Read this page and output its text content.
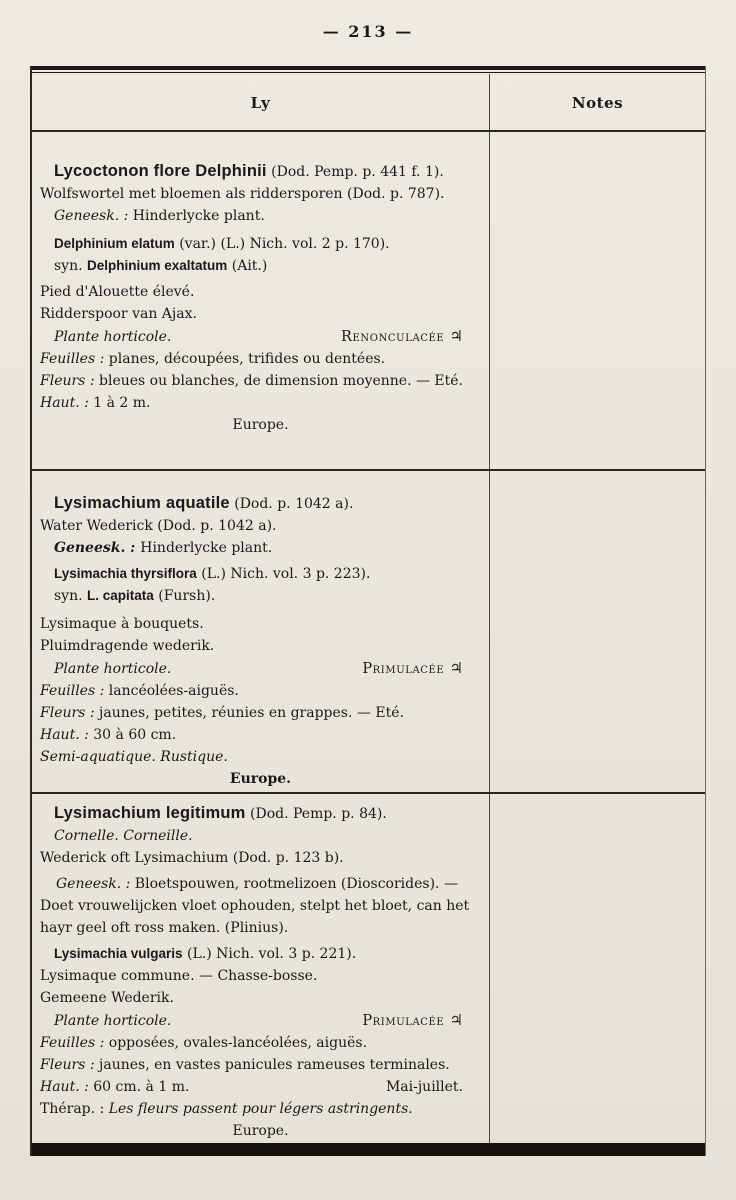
— 213 —
Ly	Notes
Lycoctonon flore Delphinii (Dod. Pemp. p. 441 f. 1).
Wolfswortel met bloemen als riddersporen (Dod. p. 787).
Geneesk. : Hinderlycke plant.
Delphinium elatum (var.) (L.) Nich. vol. 2 p. 170).
syn. Delphinium exaltatum (Ait.)
Pied d'Alouette élevé.
Ridderspoor van Ajax.
Plante horticole.	Renonculacée ♃
Feuilles : planes, découpées, trifides ou dentées.
Fleurs : bleues ou blanches, de dimension moyenne. — Eté.
Haut. : 1 à 2 m.
Europe.
Lysimachium aquatile (Dod. p. 1042 a).
Water Wederick (Dod. p. 1042 a).
Geneesk. : Hinderlycke plant.
Lysimachia thyrsiflora (L.) Nich. vol. 3 p. 223).
syn. L. capitata (Fursh).
Lysimaque à bouquets.
Pluimdragende wederik.
Plante horticole.	Primulacée ♃
Feuilles : lancéolées-aiguës.
Fleurs : jaunes, petites, réunies en grappes. — Eté.
Haut. : 30 à 60 cm.
Semi-aquatique. Rustique.
Europe.
Lysimachium legitimum (Dod. Pemp. p. 84).
Cornelle. Corneille.
Wederick oft Lysimachium (Dod. p. 123 b).
Geneesk. : Bloetspouwen, rootmelizoen (Dioscorides). — Doet vrouwelijcken vloet ophouden, stelpt het bloet, can het hayr geel oft ross maken. (Plinius).
Lysimachia vulgaris (L.) Nich. vol. 3 p. 221).
Lysimaque commune. — Chasse-bosse.
Gemeene Wederik.
Plante horticole.	Primulacée ♃
Feuilles : opposées, ovales-lancéolées, aiguës.
Fleurs : jaunes, en vastes panicules rameuses terminales.
Haut. : 60 cm. à 1 m.	Mai-juillet.
Thérap. : Les fleurs passent pour légers astringents.
Europe.
